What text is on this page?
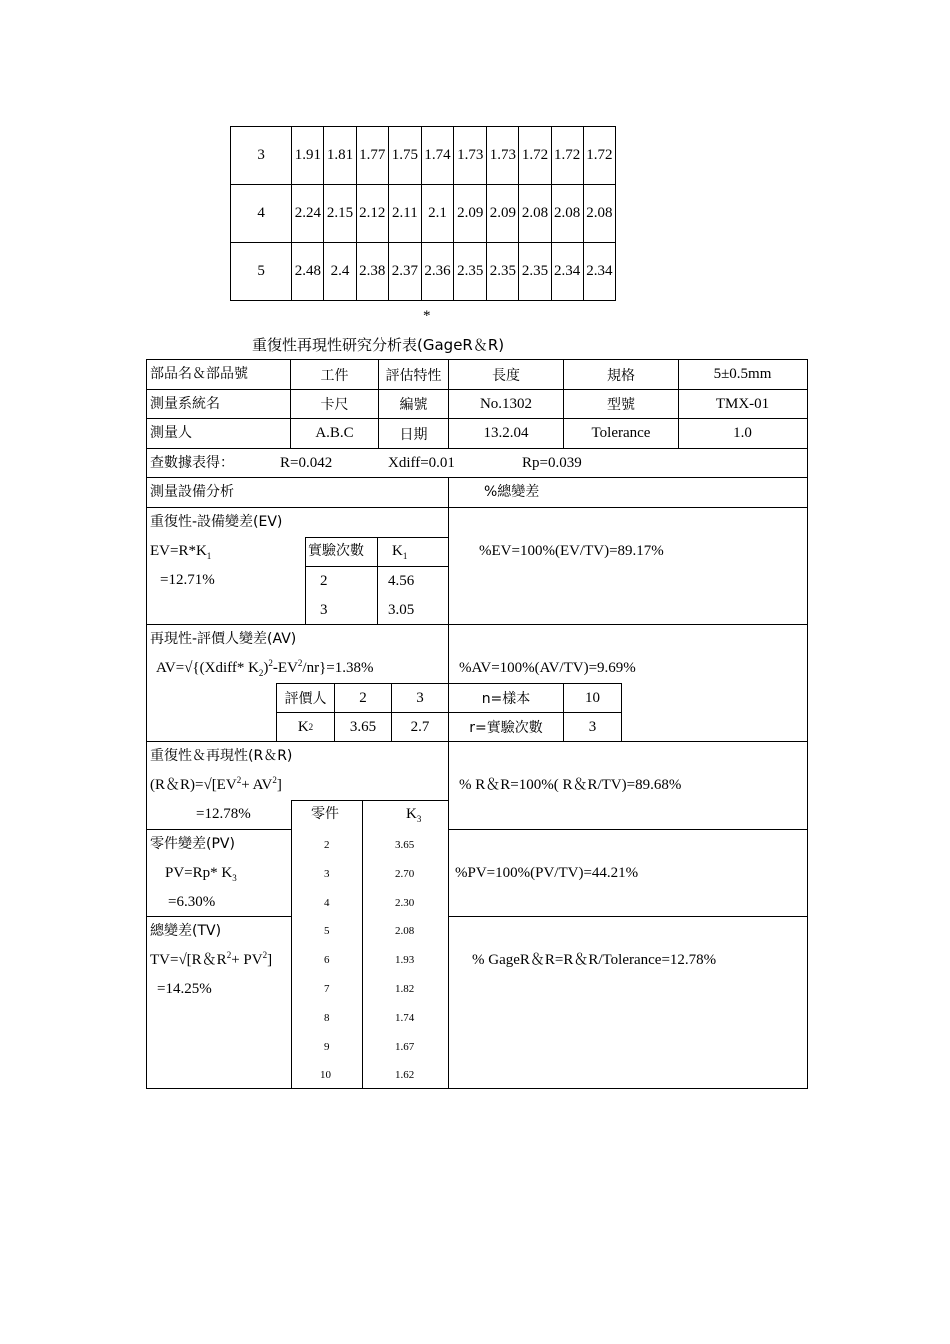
3	1.91	1.81	1.77	1.75	1.74	1.73	1.73	1.72	1.72	1.72
4	2.24	2.15	2.12	2.11	2.1	2.09	2.09	2.08	2.08	2.08
5	2.48	2.4	2.38	2.37	2.36	2.35	2.35	2.35	2.34	2.34
*
重復性再現性研究分析表(GageR＆R)
部品名＆部品號	工件	評估特性	長度	規格	5±0.5mm
測量系統名	卡尺	編號	No.1302	型號	TMX-01
測量人	A.B.C	日期	13.2.04	Tolerance	1.0
查數據表得：	R=0.042	Xdiff=0.01	Rp=0.039
測量設備分析	%總變差
重復性-設備變差(EV)
$EV=R*K_1$
=12.71%
%EV=100%(EV/TV)=89.17%
實驗次數 $K_1$
2	4.56
3	3.05
再現性-評價人變差(AV)
AV=√{(Xdiff* $K_2)^2-EV^2/nr\}=1.38\%$	%AV=100%(AV/TV)=9.69%
評價人	2	3	n=樣本	10
K 2	3.65	2.7	r=實驗次數	3
重復性＆再現性(R＆R)
(R＆$R)=√[EV^2+ AV^2]$
=12.78%
% R＆R=100%( R＆R/TV)=89.68%
零件	$K_3$
2	3.65
3	2.70
4	2.30
5	2.08
6	1.93
7	1.82
8	1.74
9	1.67
10	1.62
零件變差(PV)
PV=Rp* $K_3$
=6.30%
%PV=100%(PV/TV)=44.21%
總變差(TV)
TV=√[R＆$R^2+ PV^2$]
=14.25%
% GageR＆R=R＆R/Tolerance=12.78%
